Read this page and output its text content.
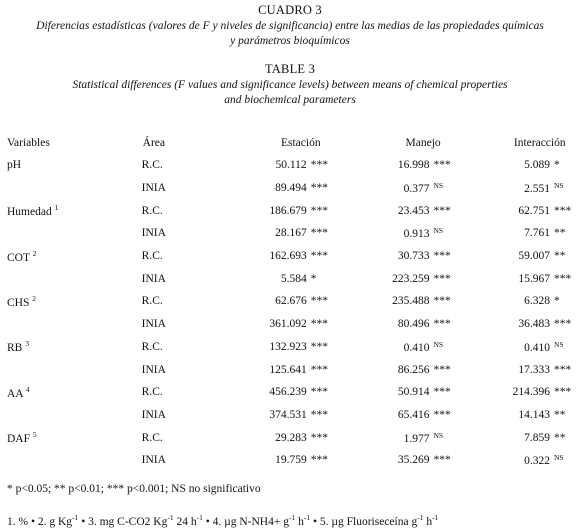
CUADRO 3
Diferencias estadísticas (valores de F y niveles de significancia) entre las medias de las propiedades químicas
y parámetros bioquímicos
TABLE 3
Statistical differences (F values and significance levels) between means of chemical properties
and biochemical parameters
Variables	Área	Estación	Manejo	Interacción
pH	R.C.	50.112 ***	16.998 ***	5.089 *
	INIA	89.494 ***	0.377 NS	2.551 NS
Humedad $^1$	R.C.	186.679 ***	23.453 ***	62.751 ***
	INIA	28.167 ***	0.913 NS	7.761 **
COT $^2$	R.C.	162.693 ***	30.733 ***	59.007 **
	INIA	5.584 *	223.259 ***	15.967 ***
CHS $^2$	R.C.	62.676 ***	235.488 ***	6.328 *
	INIA	361.092 ***	80.496 ***	36.483 ***
RB $^3$	R.C.	132.923 ***	0.410 NS	0.410 NS
	INIA	125.641 ***	86.256 ***	17.333 ***
AA $^4$	R.C.	456.239 ***	50.914 ***	214.396 ***
	INIA	374.531 ***	65.416 ***	14.143 **
DAF $^5$	R.C.	29.283 ***	1.977 NS	7.859 **
	INIA	19.759 ***	35.269 ***	0.322 NS
* p<0.05; ** p<0.01; *** p<0.001; NS no significativo
1. % • 2. g $Kg^{-1}$ • 3. mg C-CO2 $Kg^{-1}$ 24 $h^{-1}$ • 4. µg $N-NH4+ g^{-1}$ $h^{-1}$ • 5. µg Fluoriseceína $g^{-1}$ $h^{-1}$
